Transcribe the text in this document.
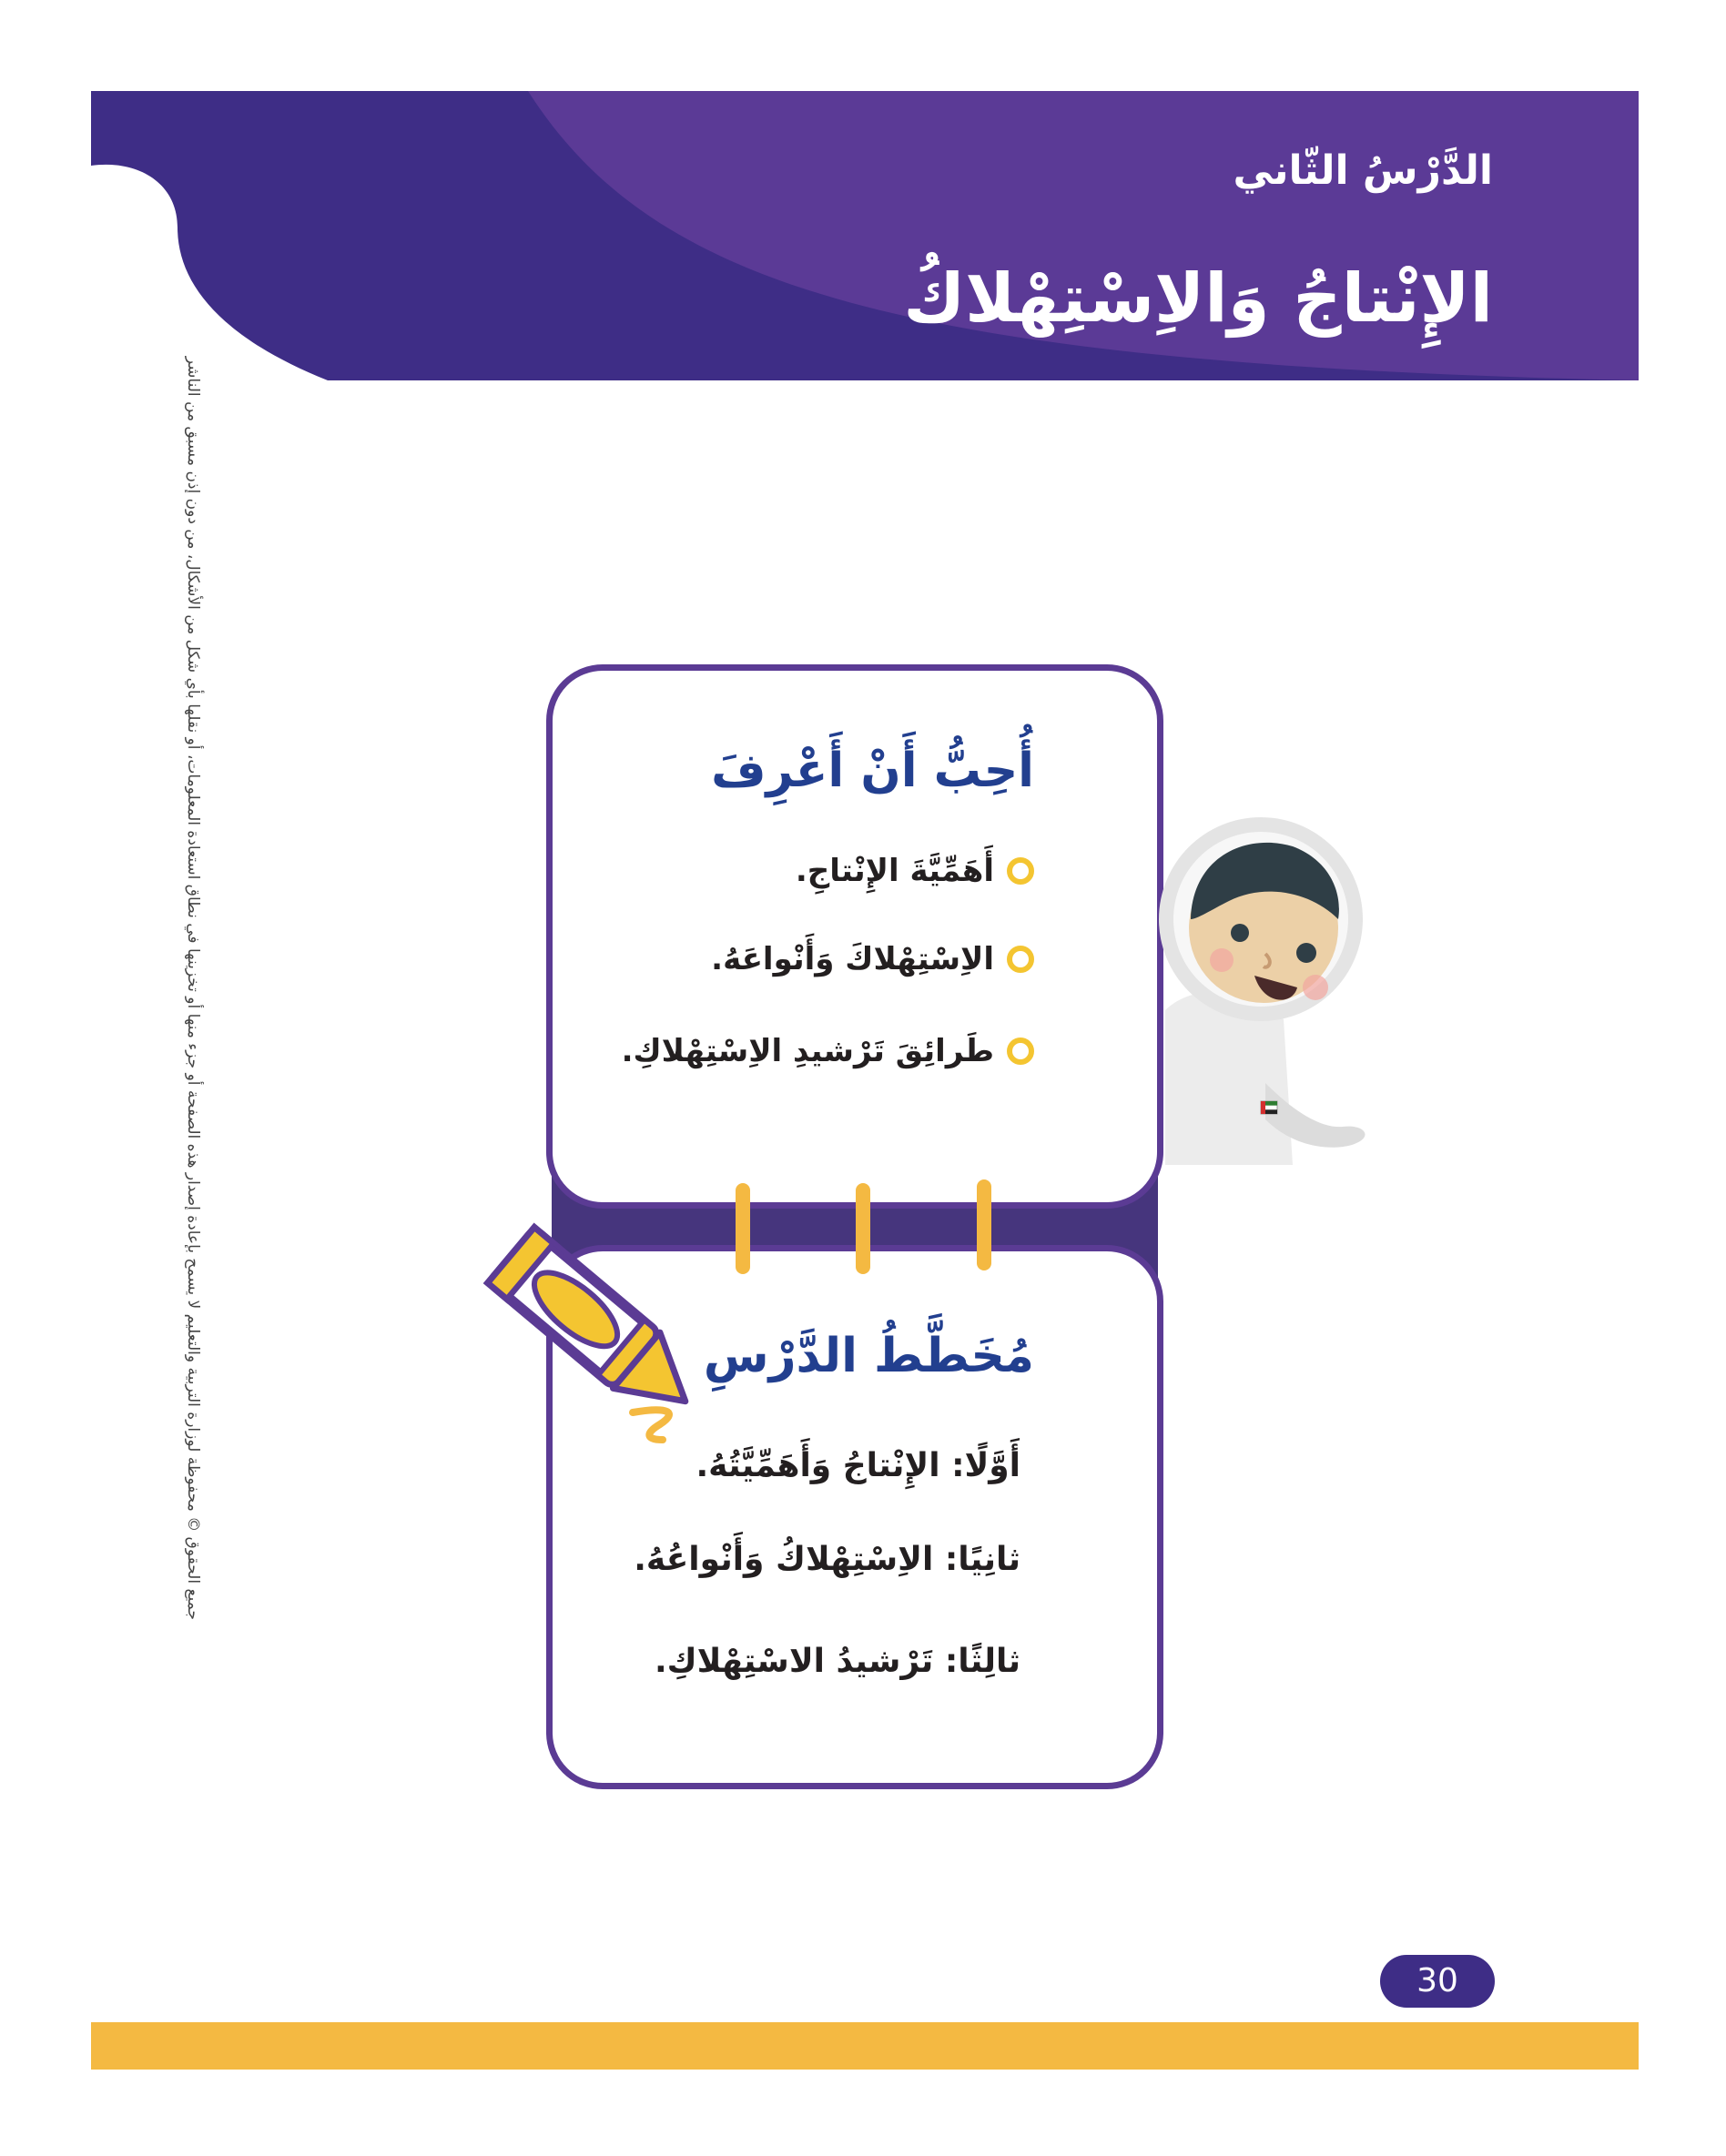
الدَّرْسُ الثّاني
الإِنْتاجُ وَالاِسْتِهْلاكُ
جميع الحقوق © محفوظة لوزارة التربية والتعليم لا يسمح بإعادة إصدار هذه الصفحة أو جزء منها أو تخزينها في نطاق استعادة المعلومات، أو نقلها بأي شكل من الأشكال، من دون إذن مسبق من الناشر	أُحِبُّ أَنْ أَعْرِفَ
أَهَمِّيَّةَ الإِنْتاجِ.
الاِسْتِهْلاكَ وَأَنْواعَهُ.
طَرائِقَ تَرْشيدِ الاِسْتِهْلاكِ.
مُخَطَّطُ الدَّرْسِ
أَوَّلًا: الإِنْتاجُ وَأَهَمِّيَّتُهُ.
ثانِيًا: الاِسْتِهْلاكُ وَأَنْواعُهُ.
ثالِثًا: تَرْشيدُ الاسْتِهْلاكِ.
30
